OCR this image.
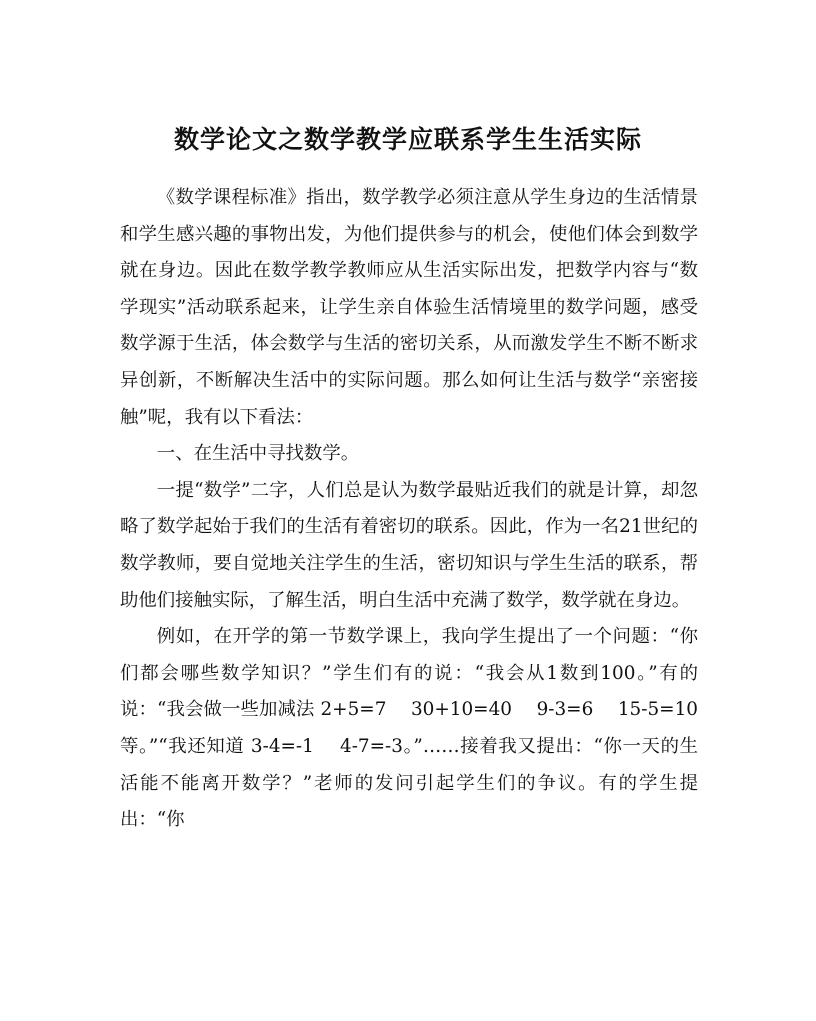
数学论文之数学教学应联系学生生活实际

《数学课程标准》指出，数学教学必须注意从学生身边的生活情景和学生感兴趣的事物出发，为他们提供参与的机会，使他们体会到数学就在身边。因此在数学教学教师应从生活实际出发，把数学内容与“数学现实”活动联系起来，让学生亲自体验生活情境里的数学问题，感受数学源于生活，体会数学与生活的密切关系，从而激发学生不断不断求异创新，不断解决生活中的实际问题。那么如何让生活与数学“亲密接触”呢，我有以下看法：

一、在生活中寻找数学。

一提“数学”二字，人们总是认为数学最贴近我们的就是计算，却忽略了数学起始于我们的生活有着密切的联系。因此，作为一名21世纪的数学教师，要自觉地关注学生的生活，密切知识与学生生活的联系，帮助他们接触实际，了解生活，明白生活中充满了数学，数学就在身边。

例如，在开学的第一节数学课上，我向学生提出了一个问题：“你们都会哪些数学知识？”学生们有的说：“我会从1数到100。”有的说：“我会做一些加减法 2+5=7　 30+10=40　 9-3=6　 15-5=10 等。”“我还知道 3-4=-1　 4-7=-3。”……接着我又提出：“你一天的生活能不能离开数学？”老师的发问引起学生们的争议。有的学生提出：“你
